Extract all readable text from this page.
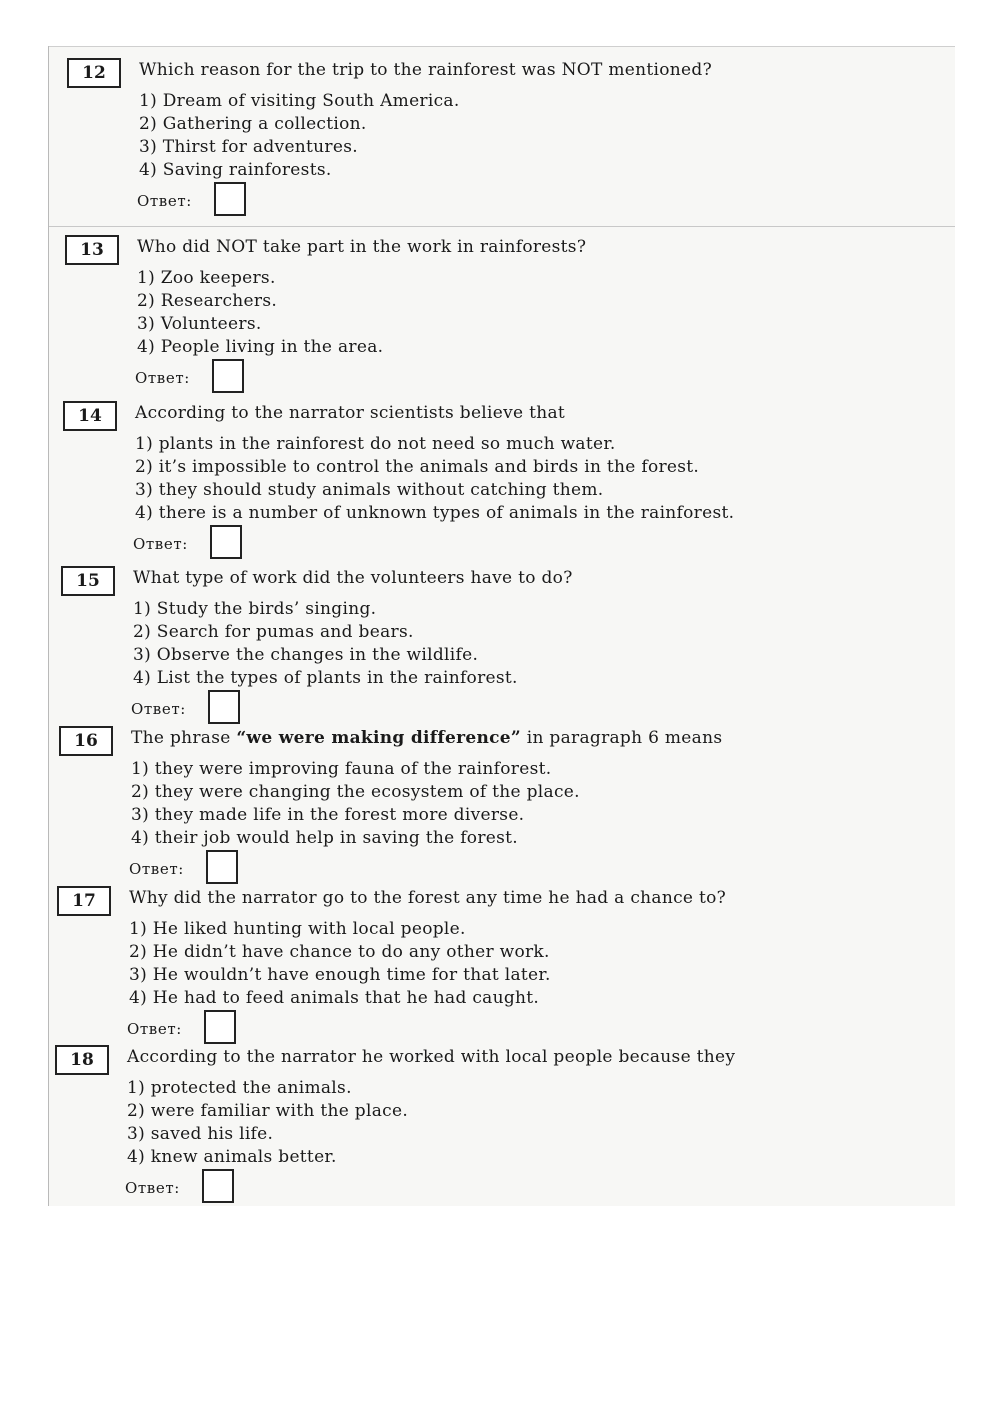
12	Which reason for the trip to the rainforest was NOT mentioned?
1) Dream of visiting South America.
2) Gathering a collection.
3) Thirst for adventures.
4) Saving rainforests.
Ответ:
13	Who did NOT take part in the work in rainforests?
1) Zoo keepers.
2) Researchers.
3) Volunteers.
4) People living in the area.
Ответ:
14	According to the narrator scientists believe that
1) plants in the rainforest do not need so much water.
2) it’s impossible to control the animals and birds in the forest.
3) they should study animals without catching them.
4) there is a number of unknown types of animals in the rainforest.
Ответ:
15	What type of work did the volunteers have to do?
1) Study the birds’ singing.
2) Search for pumas and bears.
3) Observe the changes in the wildlife.
4) List the types of plants in the rainforest.
Ответ:
16	The phrase “we were making difference” in paragraph 6 means
1) they were improving fauna of the rainforest.
2) they were changing the ecosystem of the place.
3) they made life in the forest more diverse.
4) their job would help in saving the forest.
Ответ:
17	Why did the narrator go to the forest any time he had a chance to?
1) He liked hunting with local people.
2) He didn’t have chance to do any other work.
3) He wouldn’t have enough time for that later.
4) He had to feed animals that he had caught.
Ответ:
18	According to the narrator he worked with local people because they
1) protected the animals.
2) were familiar with the place.
3) saved his life.
4) knew animals better.
Ответ:
